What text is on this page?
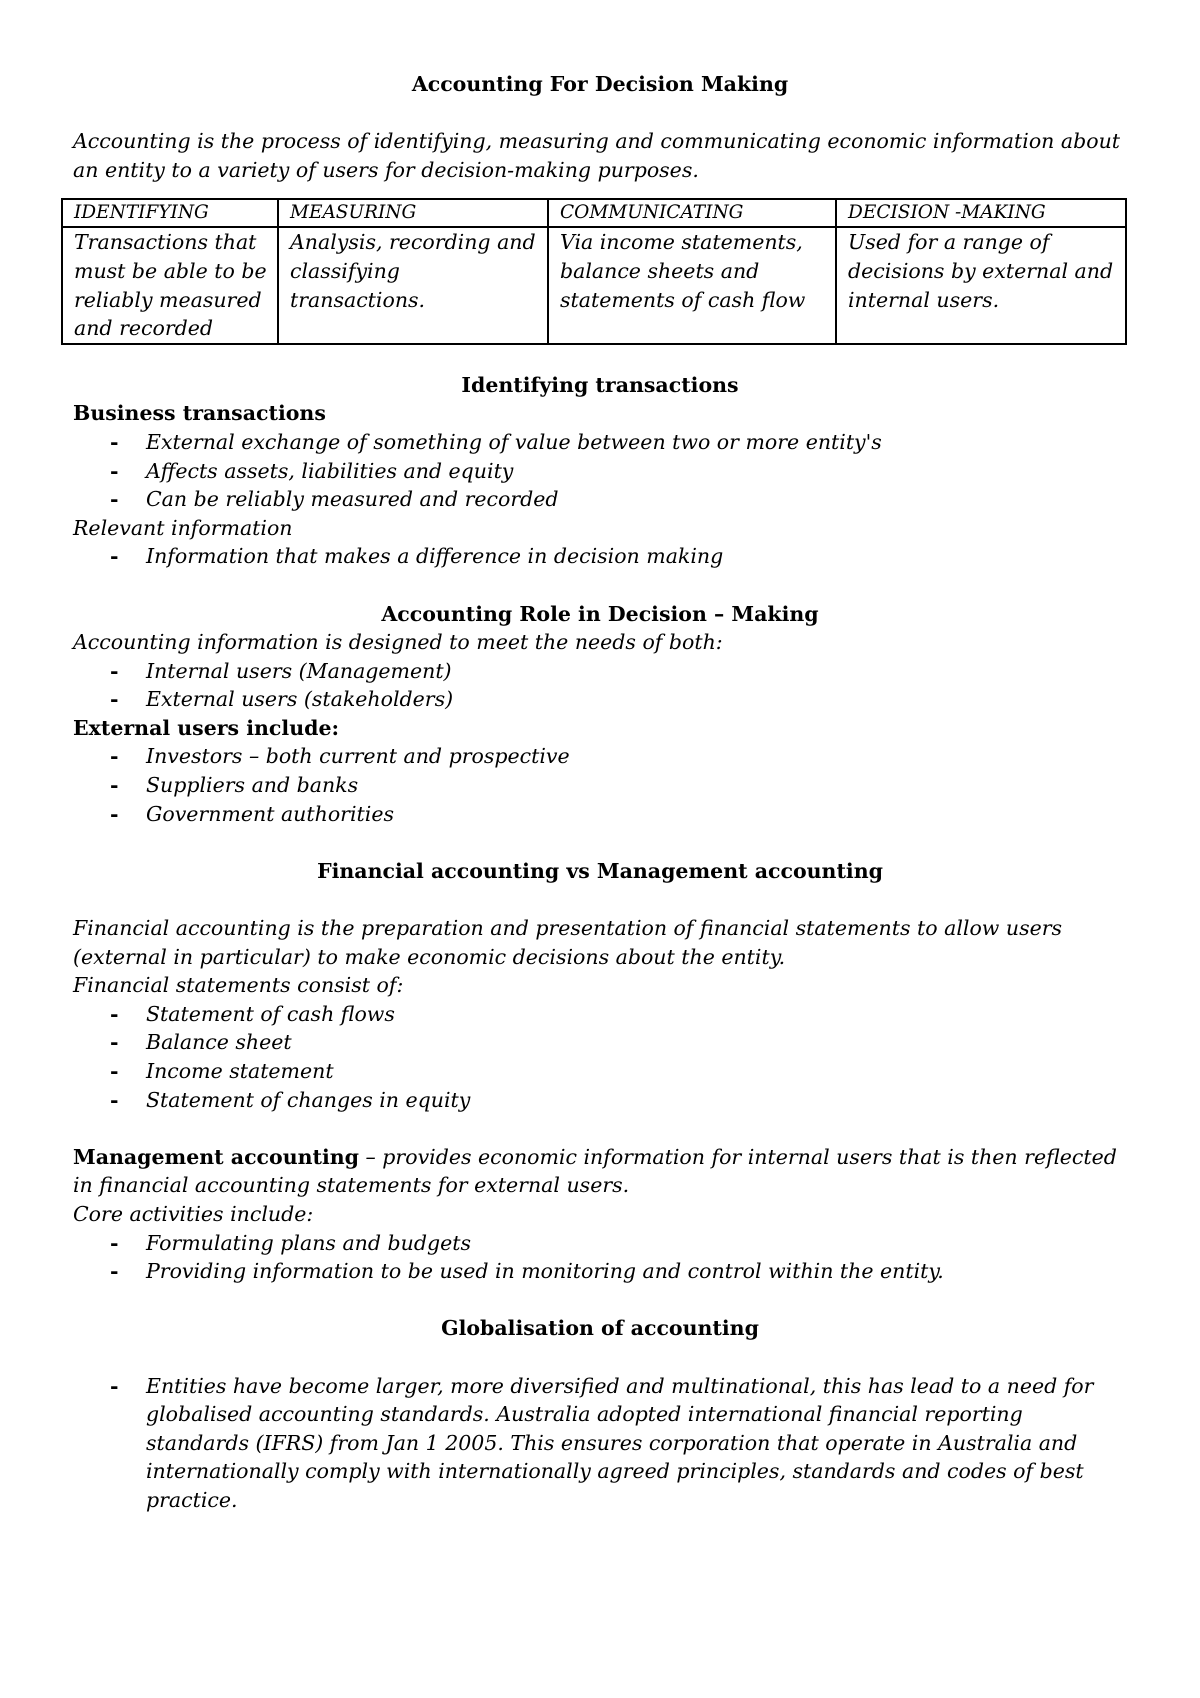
Accounting For Decision Making

Accounting is the process of identifying, measuring and communicating economic information about an entity to a variety of users for decision-making purposes.

IDENTIFYING	MEASURING	COMMUNICATING	DECISION -MAKING
Transactions that must be able to be reliably measured and recorded	Analysis, recording and classifying transactions.	Via income statements, balance sheets and statements of cash flow	Used for a range of decisions by external and internal users.

Identifying transactions

Business transactions

- External exchange of something of value between two or more entity's
- Affects assets, liabilities and equity
- Can be reliably measured and recorded

Relevant information

- Information that makes a difference in decision making

Accounting Role in Decision – Making

Accounting information is designed to meet the needs of both:

- Internal users (Management)
- External users (stakeholders)

External users include:

- Investors – both current and prospective
- Suppliers and banks
- Government authorities

Financial accounting vs Management accounting

Financial accounting is the preparation and presentation of financial statements to allow users (external in particular) to make economic decisions about the entity.

Financial statements consist of:

- Statement of cash flows
- Balance sheet
- Income statement
- Statement of changes in equity

Management accounting – provides economic information for internal users that is then reflected in financial accounting statements for external users.

Core activities include:

- Formulating plans and budgets
- Providing information to be used in monitoring and control within the entity.

Globalisation of accounting

- Entities have become larger, more diversified and multinational, this has lead to a need for globalised accounting standards. Australia adopted international financial reporting standards (IFRS) from Jan 1 2005. This ensures corporation that operate in Australia and internationally comply with internationally agreed principles, standards and codes of best practice.
